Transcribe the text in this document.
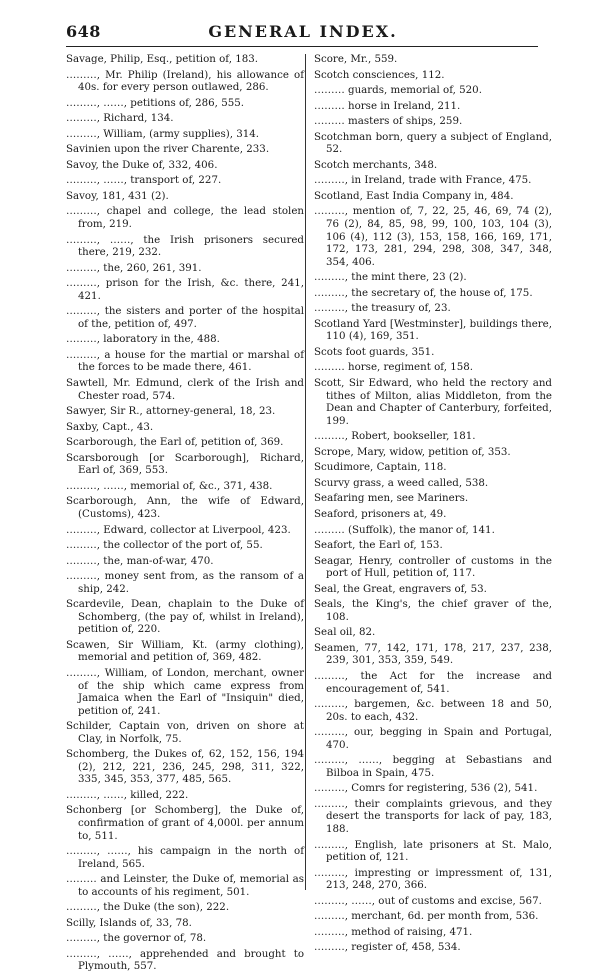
648	GENERAL INDEX.

Savage, Philip, Esq., petition of, 183.

………, Mr. Philip (Ireland), his allowance of 40s. for every person outlawed, 286.

………, ……, petitions of, 286, 555.

………, Richard, 134.

………, William, (army supplies), 314.

Savinien upon the river Charente, 233.

Savoy, the Duke of, 332, 406.

………, ……, transport of, 227.

Savoy, 181, 431 (2).

………, chapel and college, the lead stolen from, 219.

………, ……, the Irish prisoners secured there, 219, 232.

………, the, 260, 261, 391.

………, prison for the Irish, &c. there, 241, 421.

………, the sisters and porter of the hospital of the, petition of, 497.

………, laboratory in the, 488.

………, a house for the martial or marshal of the forces to be made there, 461.

Sawtell, Mr. Edmund, clerk of the Irish and Chester road, 574.

Sawyer, Sir R., attorney-general, 18, 23.

Saxby, Capt., 43.

Scarborough, the Earl of, petition of, 369.

Scarsborough [or Scarborough], Richard, Earl of, 369, 553.

………, ……, memorial of, &c., 371, 438.

Scarborough, Ann, the wife of Edward, (Customs), 423.

………, Edward, collector at Liverpool, 423.

………, the collector of the port of, 55.

………, the, man-of-war, 470.

………, money sent from, as the ransom of a ship, 242.

Scardevile, Dean, chaplain to the Duke of Schomberg, (the pay of, whilst in Ireland), petition of, 220.

Scawen, Sir William, Kt. (army clothing), memorial and petition of, 369, 482.

………, William, of London, merchant, owner of the ship which came express from Jamaica when the Earl of "Insiquin" died, petition of, 241.

Schilder, Captain von, driven on shore at Clay, in Norfolk, 75.

Schomberg, the Dukes of, 62, 152, 156, 194 (2), 212, 221, 236, 245, 298, 311, 322, 335, 345, 353, 377, 485, 565.

………, ……, killed, 222.

Schonberg [or Schomberg], the Duke of, confirmation of grant of 4,000l. per annum to, 511.

………, ……, his campaign in the north of Ireland, 565.

……… and Leinster, the Duke of, memorial as to accounts of his regiment, 501.

………, the Duke (the son), 222.

Scilly, Islands of, 33, 78.

………, the governor of, 78.

………, ……, apprehended and brought to Plymouth, 557.

Score, Mr., 559.

Scotch consciences, 112.

……… guards, memorial of, 520.

……… horse in Ireland, 211.

……… masters of ships, 259.

Scotchman born, query a subject of England, 52.

Scotch merchants, 348.

………, in Ireland, trade with France, 475.

Scotland, East India Company in, 484.

………, mention of, 7, 22, 25, 46, 69, 74 (2), 76 (2), 84, 85, 98, 99, 100, 103, 104 (3), 106 (4), 112 (3), 153, 158, 166, 169, 171, 172, 173, 281, 294, 298, 308, 347, 348, 354, 406.

………, the mint there, 23 (2).

………, the secretary of, the house of, 175.

………, the treasury of, 23.

Scotland Yard [Westminster], buildings there, 110 (4), 169, 351.

Scots foot guards, 351.

……… horse, regiment of, 158.

Scott, Sir Edward, who held the rectory and tithes of Milton, alias Middleton, from the Dean and Chapter of Canterbury, forfeited, 199.

………, Robert, bookseller, 181.

Scrope, Mary, widow, petition of, 353.

Scudimore, Captain, 118.

Scurvy grass, a weed called, 538.

Seafaring men, see Mariners.

Seaford, prisoners at, 49.

……… (Suffolk), the manor of, 141.

Seafort, the Earl of, 153.

Seagar, Henry, controller of customs in the port of Hull, petition of, 117.

Seal, the Great, engravers of, 53.

Seals, the King's, the chief graver of the, 108.

Seal oil, 82.

Seamen, 77, 142, 171, 178, 217, 237, 238, 239, 301, 353, 359, 549.

………, the Act for the increase and encouragement of, 541.

………, bargemen, &c. between 18 and 50, 20s. to each, 432.

………, our, begging in Spain and Portugal, 470.

………, ……, begging at Sebastians and Bilboa in Spain, 475.

………, Comrs for registering, 536 (2), 541.

………, their complaints grievous, and they desert the transports for lack of pay, 183, 188.

………, English, late prisoners at St. Malo, petition of, 121.

………, impresting or impressment of, 131, 213, 248, 270, 366.

………, ……, out of customs and excise, 567.

………, merchant, 6d. per month from, 536.

………, method of raising, 471.

………, register of, 458, 534.
